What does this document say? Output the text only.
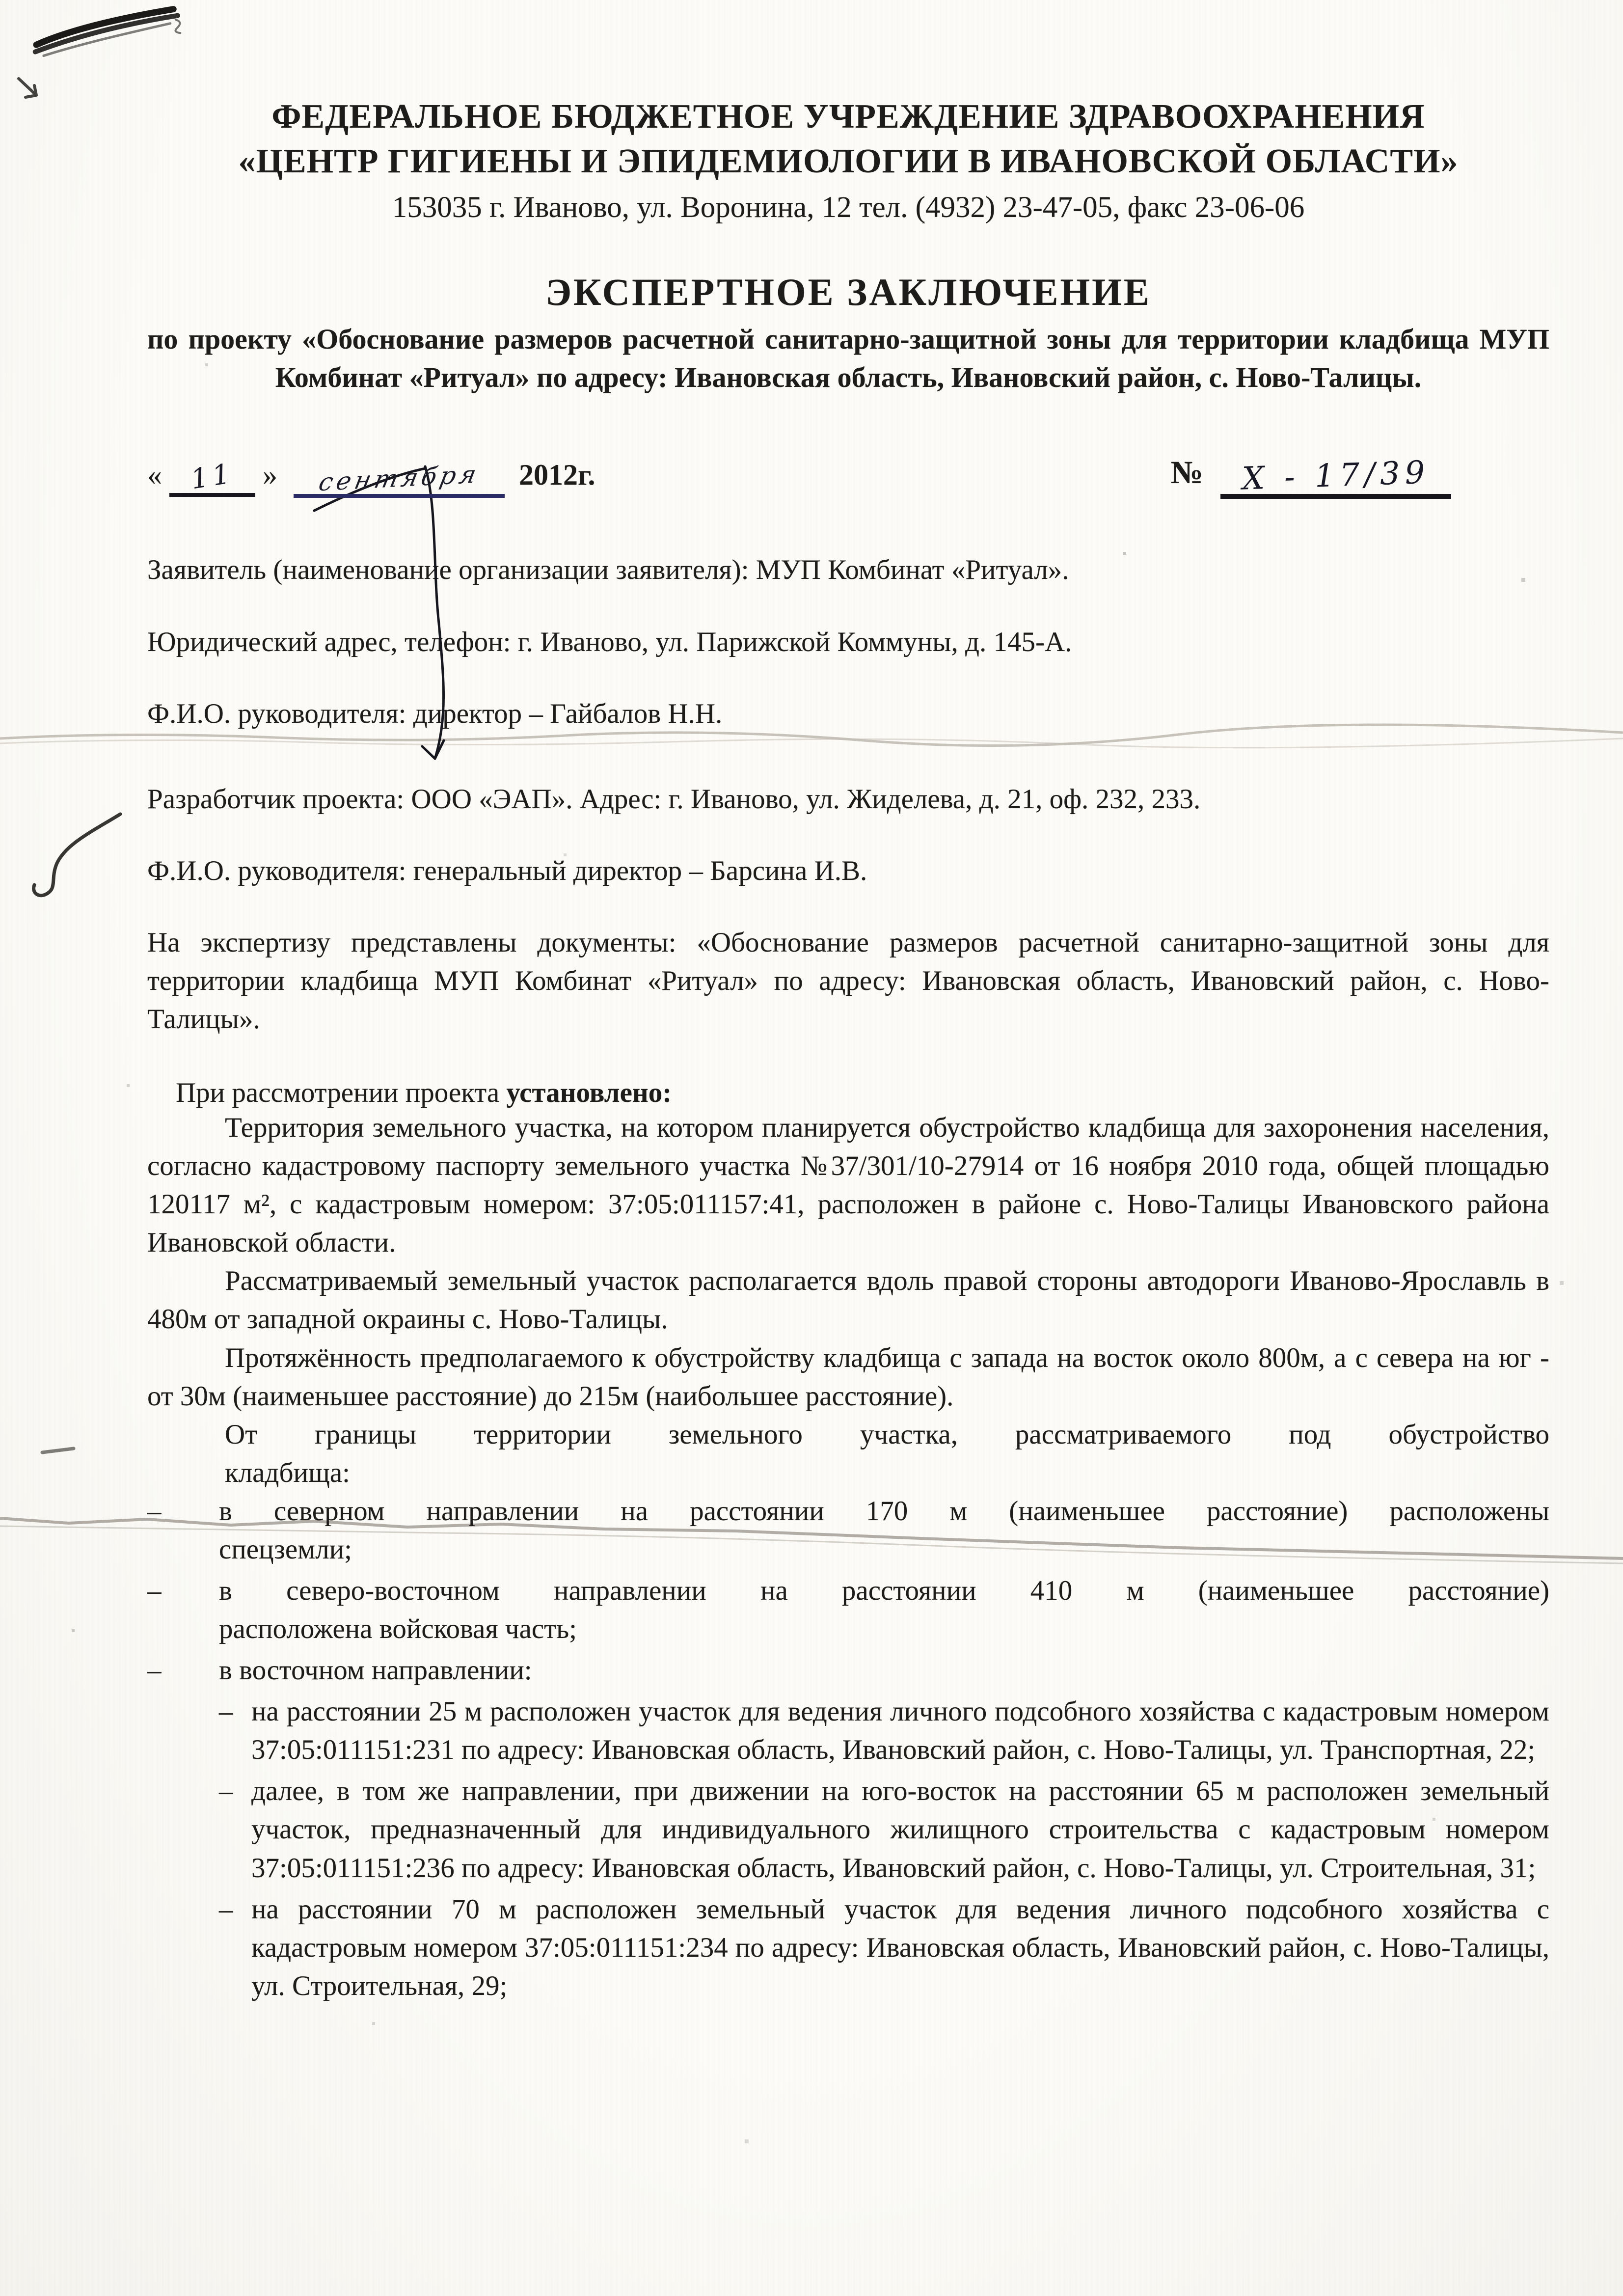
ФЕДЕРАЛЬНОЕ БЮДЖЕТНОЕ УЧРЕЖДЕНИЕ ЗДРАВООХРАНЕНИЯ
«ЦЕНТР ГИГИЕНЫ И ЭПИДЕМИОЛОГИИ В ИВАНОВСКОЙ ОБЛАСТИ»
153035 г. Иваново, ул. Воронина, 12 тел. (4932) 23-47-05, факс 23-06-06
ЭКСПЕРТНОЕ ЗАКЛЮЧЕНИЕ
по проекту «Обоснование размеров расчетной санитарно-защитной зоны для территории кладбища МУП Комбинат «Ритуал» по адресу: Ивановская область, Ивановский район, с. Ново-Талицы.
« 11 » сентября 2012г.	№ Х - 17/39
Заявитель (наименование организации заявителя): МУП Комбинат «Ритуал».
Юридический адрес, телефон: г. Иваново, ул. Парижской Коммуны, д. 145-А.
Ф.И.О. руководителя: директор – Гайбалов Н.Н.
Разработчик проекта: ООО «ЭАП». Адрес: г. Иваново, ул. Жиделева, д. 21, оф. 232, 233.
Ф.И.О. руководителя: генеральный директор – Барсина И.В.
На экспертизу представлены документы: «Обоснование размеров расчетной санитарно-защитной зоны для территории кладбища МУП Комбинат «Ритуал» по адресу: Ивановская область, Ивановский район, с. Ново-Талицы».
При рассмотрении проекта установлено:

Территория земельного участка, на котором планируется обустройство кладбища для захоронения населения, согласно кадастровому паспорту земельного участка №37/301/10-27914 от 16 ноября 2010 года, общей площадью 120117 м², с кадастровым номером: 37:05:011157:41, расположен в районе с. Ново-Талицы Ивановского района Ивановской области.

Рассматриваемый земельный участок располагается вдоль правой стороны автодороги Иваново-Ярославль в 480м от западной окраины с. Ново-Талицы.

Протяжённость предполагаемого к обустройству кладбища с запада на восток около 800м, а с севера на юг - от 30м (наименьшее расстояние) до 215м (наибольшее расстояние).

От границы территории земельного участка, рассматриваемого под обустройство
кладбища:

– в северном направлении на расстоянии 170 м (наименьшее расстояние) расположены
спецземли;
– в северо-восточном направлении на расстоянии 410 м (наименьшее расстояние)
расположена войсковая часть;
– в восточном направлении:
– на расстоянии 25 м расположен участок для ведения личного подсобного хозяйства с кадастровым номером 37:05:011151:231 по адресу: Ивановская область, Ивановский район, с. Ново-Талицы, ул. Транспортная, 22;
– далее, в том же направлении, при движении на юго-восток на расстоянии 65 м расположен земельный участок, предназначенный для индивидуального жилищного строительства с кадастровым номером 37:05:011151:236 по адресу: Ивановская область, Ивановский район, с. Ново-Талицы, ул. Строительная, 31;
– на расстоянии 70 м расположен земельный участок для ведения личного подсобного хозяйства с кадастровым номером 37:05:011151:234 по адресу: Ивановская область, Ивановский район, с. Ново-Талицы, ул. Строительная, 29;
